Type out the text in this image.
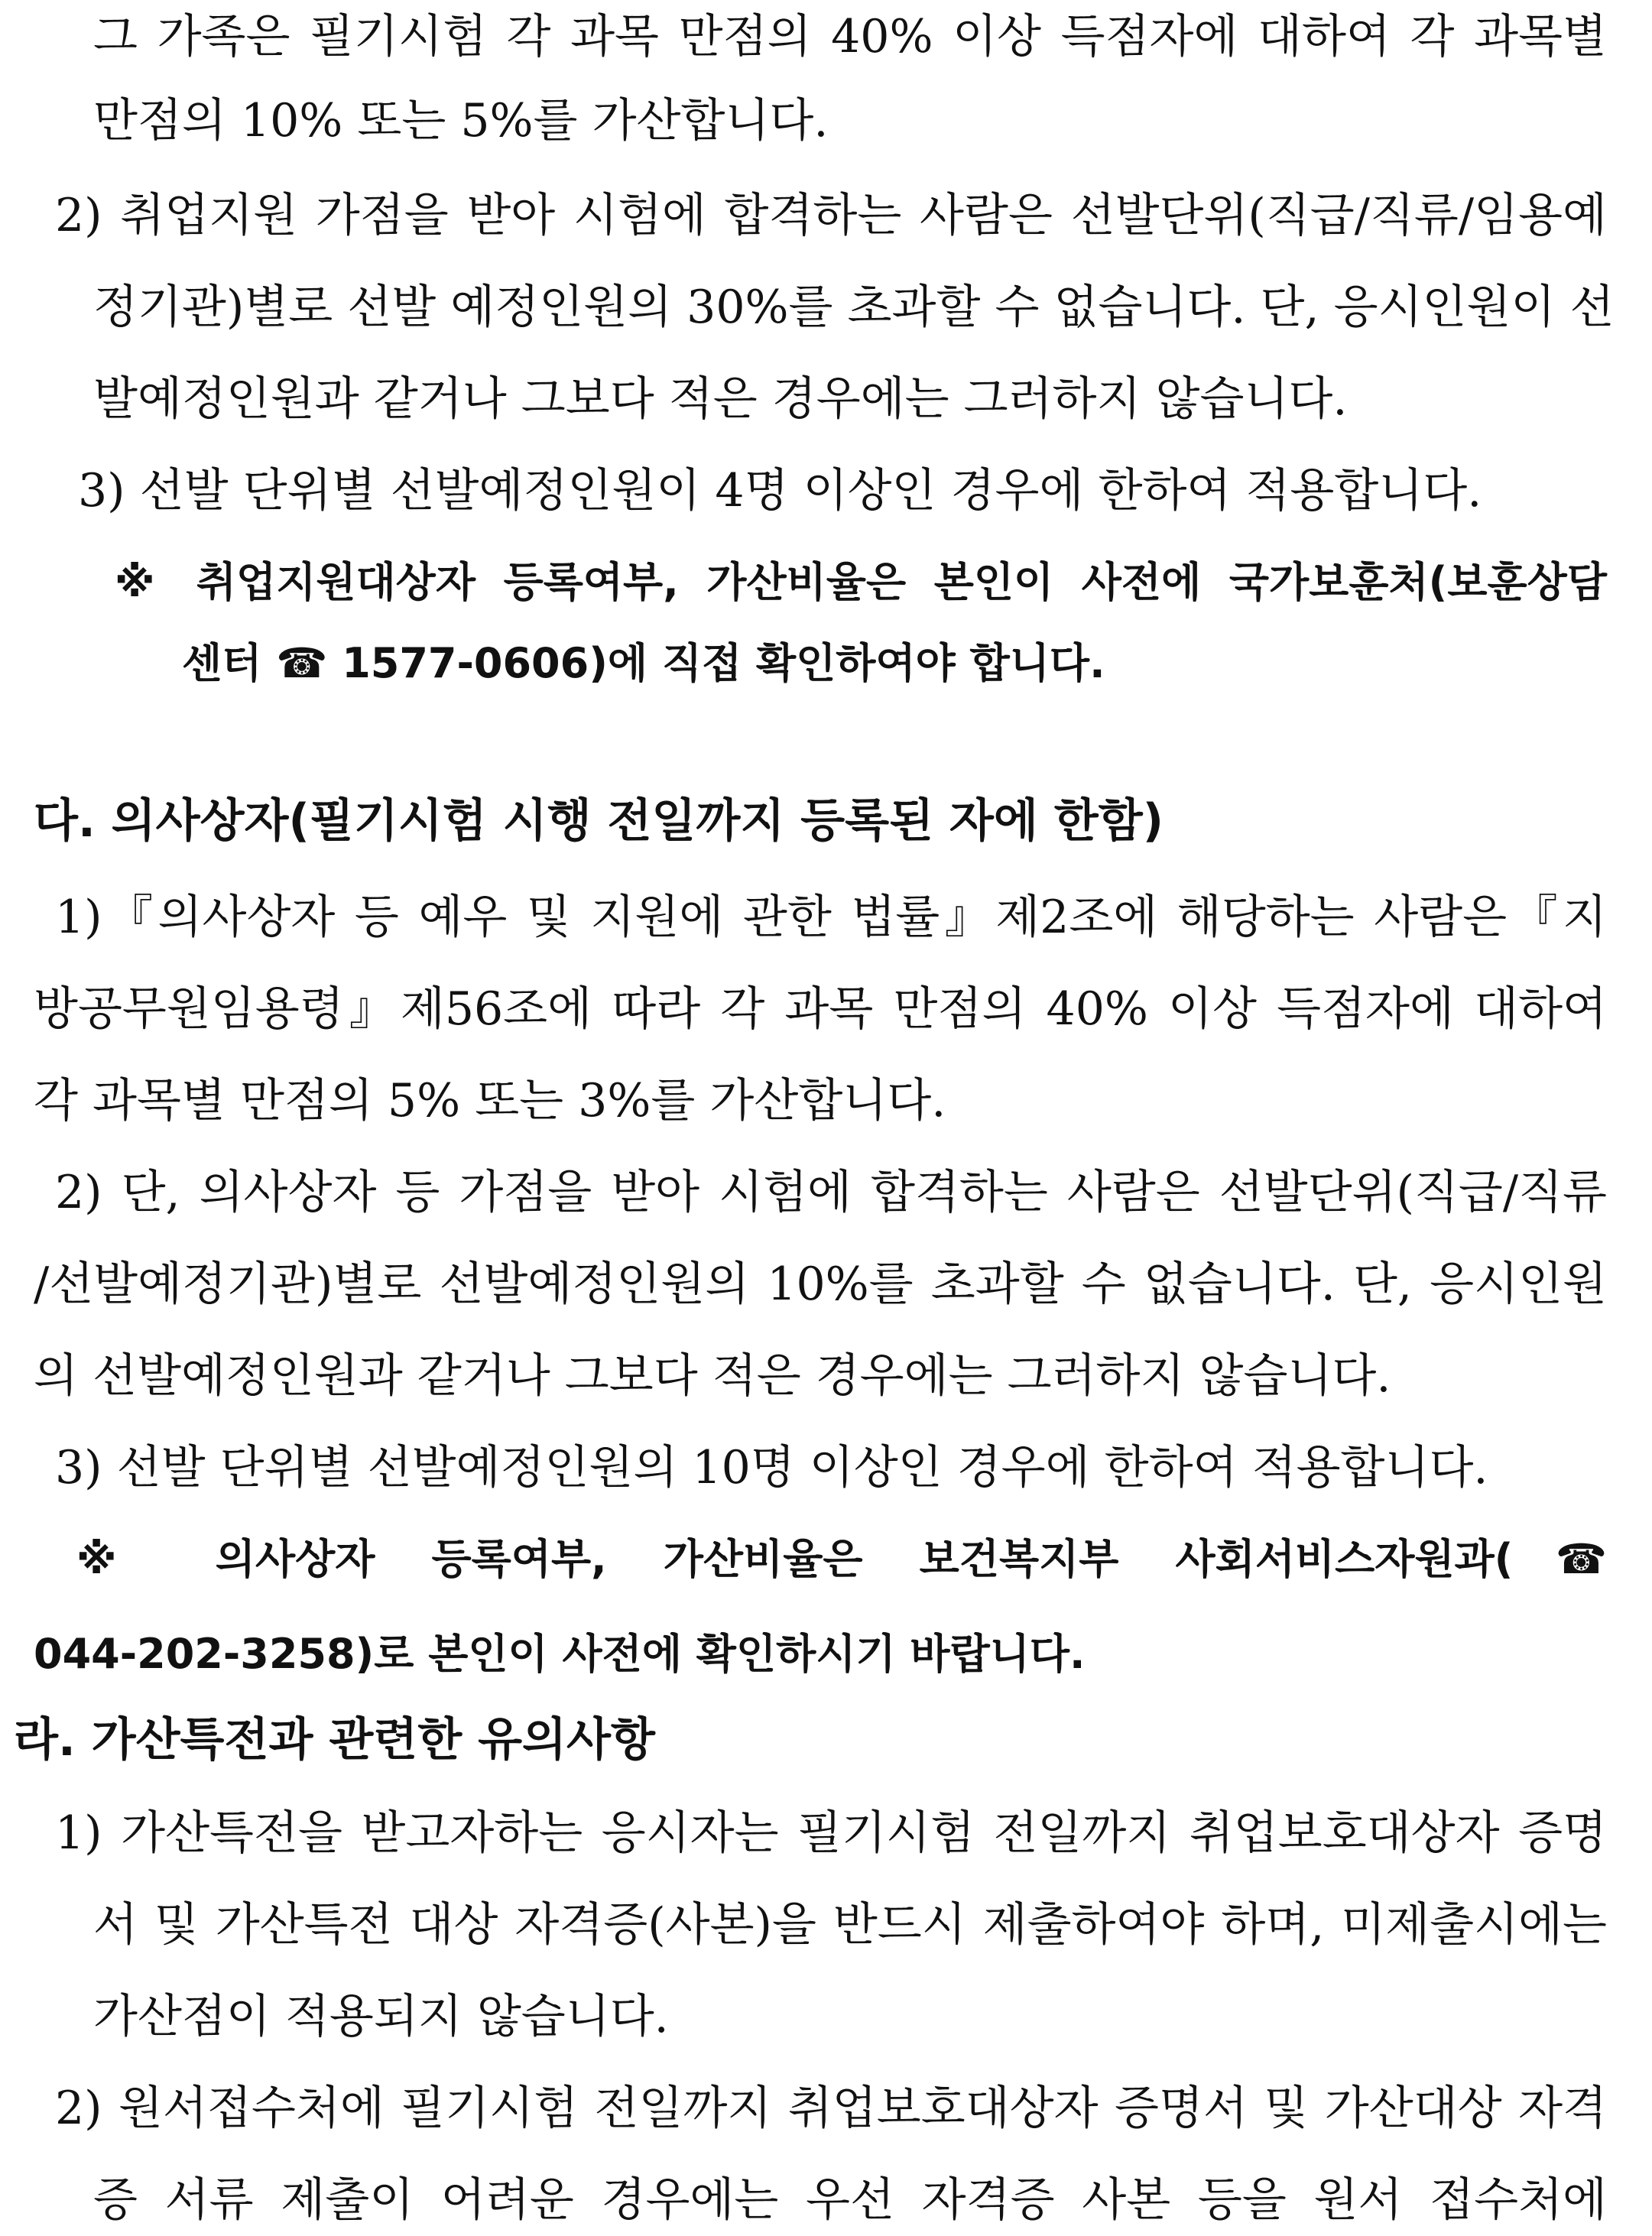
그 가족은 필기시험 각 과목 만점의 40% 이상 득점자에 대하여 각 과목별
만점의 10% 또는 5%를 가산합니다.
2) 취업지원 가점을 받아 시험에 합격하는 사람은 선발단위(직급/직류/임용예
정기관)별로 선발 예정인원의 30%를 초과할 수 없습니다. 단, 응시인원이 선
발예정인원과 같거나 그보다 적은 경우에는 그러하지 않습니다.
3) 선발 단위별 선발예정인원이 4명 이상인 경우에 한하여 적용합니다.
※ 취업지원대상자 등록여부, 가산비율은 본인이 사전에 국가보훈처(보훈상담
센터 ☎ 1577-0606)에 직접 확인하여야 합니다.
다. 의사상자(필기시험 시행 전일까지 등록된 자에 한함)
1)『의사상자 등 예우 및 지원에 관한 법률』제2조에 해당하는 사람은『지
방공무원임용령』제56조에 따라 각 과목 만점의 40% 이상 득점자에 대하여
각 과목별 만점의 5% 또는 3%를 가산합니다.
2) 단, 의사상자 등 가점을 받아 시험에 합격하는 사람은 선발단위(직급/직류
/선발예정기관)별로 선발예정인원의 10%를 초과할 수 없습니다. 단, 응시인원
의 선발예정인원과 같거나 그보다 적은 경우에는 그러하지 않습니다.
3) 선발 단위별 선발예정인원의 10명 이상인 경우에 한하여 적용합니다.
※ 의사상자 등록여부, 가산비율은 보건복지부 사회서비스자원과(☎
044-202-3258)로 본인이 사전에 확인하시기 바랍니다.
라. 가산특전과 관련한 유의사항
1) 가산특전을 받고자하는 응시자는 필기시험 전일까지 취업보호대상자 증명
서 및 가산특전 대상 자격증(사본)을 반드시 제출하여야 하며, 미제출시에는
가산점이 적용되지 않습니다.
2) 원서접수처에 필기시험 전일까지 취업보호대상자 증명서 및 가산대상 자격
증 서류 제출이 어려운 경우에는 우선 자격증 사본 등을 원서 접수처에
